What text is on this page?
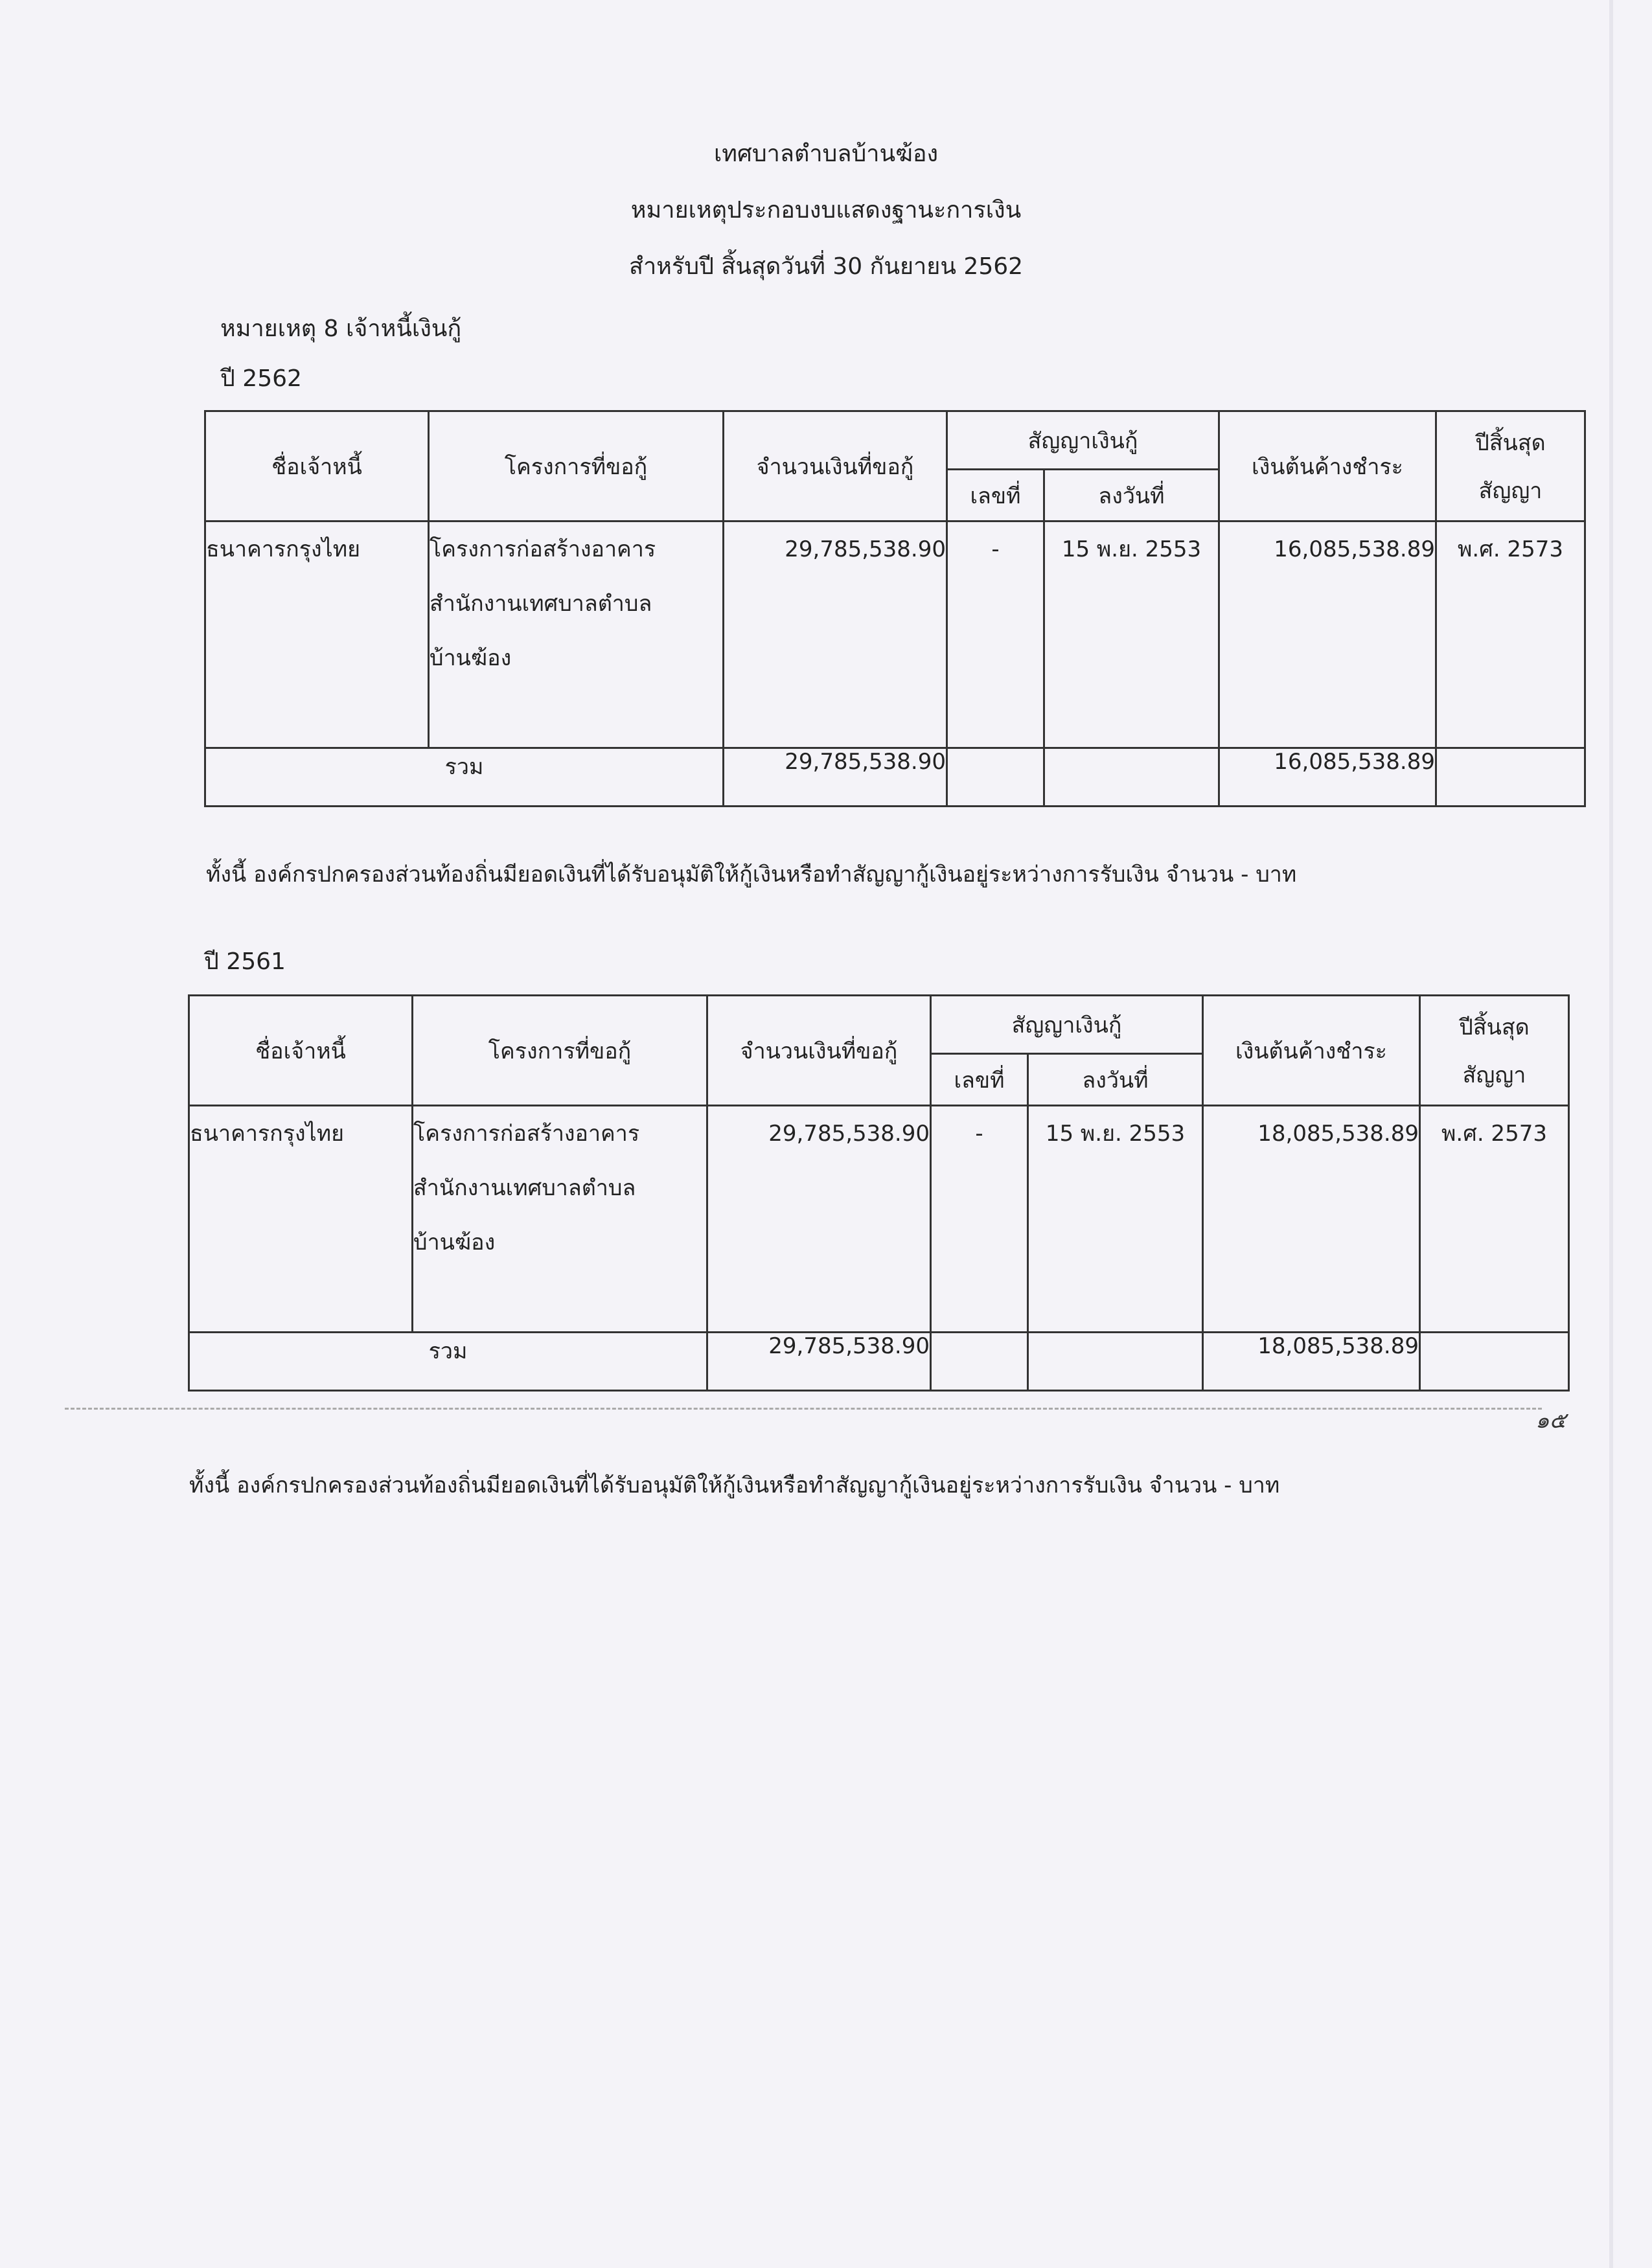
เทศบาลตำบลบ้านฆ้อง
หมายเหตุประกอบงบแสดงฐานะการเงิน
สำหรับปี สิ้นสุดวันที่ 30 กันยายน 2562
หมายเหตุ 8 เจ้าหนี้เงินกู้
ปี 2562
ชื่อเจ้าหนี้	โครงการที่ขอกู้	จำนวนเงินที่ขอกู้	สัญญาเงินกู้		เงินต้นค้างชำระ	ปีสิ้นสุด
สัญญา

			เลขที่	ลงวันที่		
ธนาคารกรุงไทย	โครงการก่อสร้างอาคาร
สำนักงานเทศบาลตำบล
บ้านฆ้อง	29,785,538.90	-	15 พ.ย. 2553	16,085,538.89	พ.ศ. 2573
รวม		29,785,538.90			16,085,538.89	
ทั้งนี้ องค์กรปกครองส่วนท้องถิ่นมียอดเงินที่ได้รับอนุมัติให้กู้เงินหรือทำสัญญากู้เงินอยู่ระหว่างการรับเงิน จำนวน - บาท
ปี 2561
ชื่อเจ้าหนี้	โครงการที่ขอกู้	จำนวนเงินที่ขอกู้	สัญญาเงินกู้		เงินต้นค้างชำระ	ปีสิ้นสุด
สัญญา

			เลขที่	ลงวันที่		
ธนาคารกรุงไทย	โครงการก่อสร้างอาคาร
สำนักงานเทศบาลตำบล
บ้านฆ้อง	29,785,538.90	-	15 พ.ย. 2553	18,085,538.89	พ.ศ. 2573
รวม		29,785,538.90			18,085,538.89	
๑๕
ทั้งนี้ องค์กรปกครองส่วนท้องถิ่นมียอดเงินที่ได้รับอนุมัติให้กู้เงินหรือทำสัญญากู้เงินอยู่ระหว่างการรับเงิน จำนวน - บาท
